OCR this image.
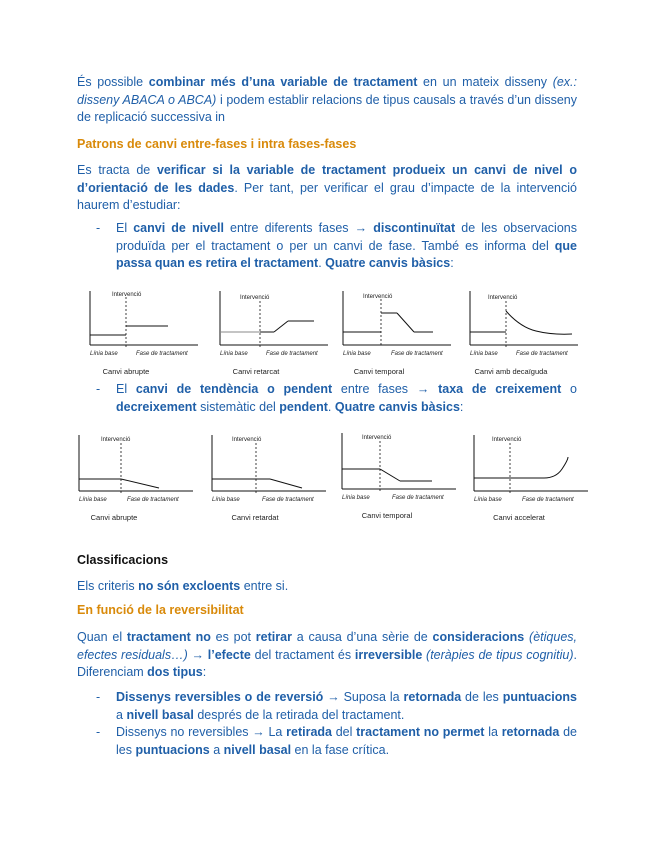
És possible combinar més d’una variable de tractament en un mateix disseny (ex.: disseny ABACA o ABCA) i podem establir relacions de tipus causals a través d’un disseny de replicació successiva in
Patrons de canvi entre-fases i intra fases-fases
Es tracta de verificar si la variable de tractament produeix un canvi de nivel o d’orientació de les dades. Per tant, per verificar el grau d’impacte de la intervenció haurem d’estudiar:
- El canvi de nivell entre diferents fases → discontinuïtat de les observacions produïda per el tractament o per un canvi de fase. També es informa del que passa quan es retira el tractament. Quatre canvis bàsics:
Intervenció
Línia base	Fase de tractament
Canvi abrupte
Intervenció
Línia base	Fase de tractament
Canvi retarcat
Intervenció
Línia base	Fase de tractament
Canvi temporal
Intervenció
Línia base	Fase de tractament
Canvi amb decaïguda
- El canvi de tendència o pendent entre fases → taxa de creixement o decreixement sistemàtic del pendent. Quatre canvis bàsics:
Intervenció
Línia base	Fase de tractament
Canvi abrupte
Intervenció
Línia base	Fase de tractament
Canvi retardat
Intervenció
Línia base	Fase de tractament
Canvi temporal
Intervenció
Línia base	Fase de tractament
Canvi accelerat
Classificacions
Els criteris no són excloents entre si.
En funció de la reversibilitat
Quan el tractament no es pot retirar a causa d’una sèrie de consideracions (ètiques, efectes residuals…) → l’efecte del tractament és irreversible (teràpies de tipus cognitiu). Diferenciam dos tipus:
- Dissenys reversibles o de reversió → Suposa la retornada de les puntuacions a nivell basal després de la retirada del tractament.
- Dissenys no reversibles → La retirada del tractament no permet la retornada de les puntuacions a nivell basal en la fase crítica.
